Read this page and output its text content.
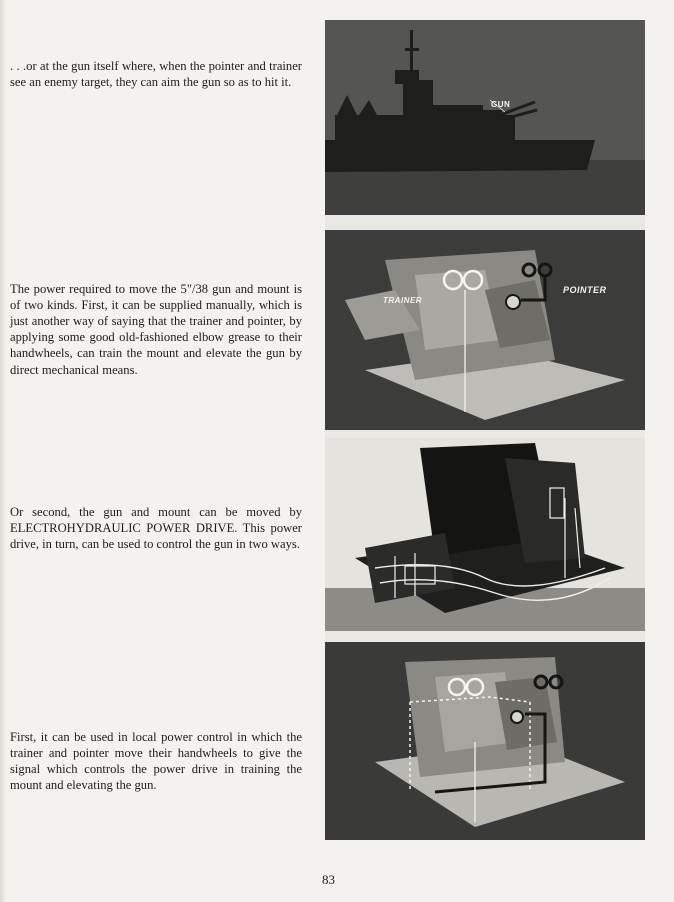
. . .or at the gun itself where, when the pointer and trainer see an enemy target, they can aim the gun so as to hit it.

The power required to move the 5"/38 gun and mount is of two kinds. First, it can be supplied manually, which is just another way of saying that the trainer and pointer, by applying some good old-fashioned elbow grease to their handwheels, can train the mount and elevate the gun by direct mechanical means.

Or second, the gun and mount can be moved by ELECTROHYDRAULIC POWER DRIVE. This power drive, in turn, can be used to control the gun in two ways.

First, it can be used in local power control in which the trainer and pointer move their handwheels to give the signal which controls the power drive in training the mount and elevating the gun.

GUN
POINTER
TRAINER
83
